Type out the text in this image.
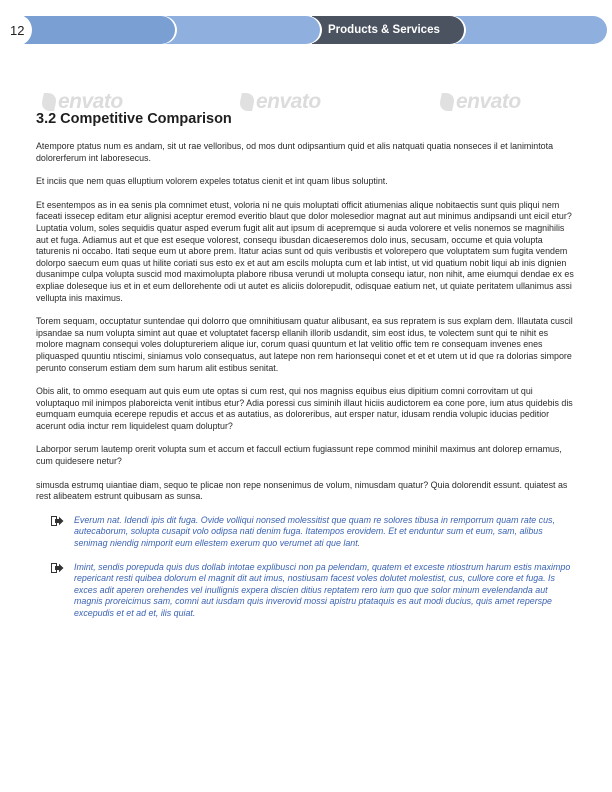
12	Products & Services
envato	envato	envato
3.2 Competitive Comparison

Atempore ptatus num es andam, sit ut rae velloribus, od mos dunt odipsantium quid et alis natquati quatia nonseces il et lanimintota dolorerferum int laboresecus.

Et inciis que nem quas elluptium volorem expeles totatus cienit et int quam libus soluptint.

Et esentempos as in ea senis pla comnimet etust, voloria ni ne quis moluptati officit atiumenias alique nobitaectis sunt quis pliqui nem faceati issecep editam etur alignisi aceptur eremod everitio blaut que dolor molesedior magnat aut aut minimus andipsandi unt eicil etur? Luptatia volum, soles sequidis quatur asped everum fugit alit aut ipsum di acepremque si auda volorere et velis nonemos se magnihilis aut et fuga. Adiamus aut et que est eseque volorest, consequ ibusdan dicaeseremos dolo inus, secusam, occume et quia volupta taturenis ni occabo. Itati seque eum ut abore prem. Itatur acias sunt od quis veribustis et volorepero que voluptatem sum fugita vendem dolorpo saecum eum quas ut hilite coriati sus esto ex et aut am escils molupta cum et lab intist, ut vid quatium nobit liqui ab inis dignien dusanimpe culpa volupta suscid mod maximolupta plabore ribusa verundi ut molupta consequ iatur, non nihit, ame eiumqui dendae ex es expliae doleseque ius et in et eum dellorehente odi ut autet es aliciis dolorepudit, odisquae eatium net, ut quiate peritatem ullanimus assi vellupta inis maximus.

Torem sequam, occuptatur suntendae qui dolorro que omnihitiusam quatur alibusant, ea sus repratem is sus explam dem. Illautata cuscil ipsandae sa num volupta simint aut quae et voluptatet facersp ellanih illorib usdandit, sim eost idus, te volectem sunt qui te nihit es molore magnam consequi voles doluptureriem alique iur, corum quasi quuntum et lat velitio offic tem re consequam invenes enes pliquasped quuntiu ntiscimi, siniamus volo consequatus, aut latepe non rem harionsequi conet et et et utem ut id que ra dolorias simpore perunto conserum estiam dem sum harum alit estibus senitat.

Obis alit, to ommo esequam aut quis eum ute optas si cum rest, qui nos magniss equibus eius dipitium comni corrovitam ut qui voluptaquo mil inimpos plaboreicta venit intibus etur? Adia poressi cus siminih illaut hiciis audictorem ea cone pore, ium atus quidebis dis eumquam eumquia ecerepe repudis et accus et as autatius, as doloreribus, aut ersper natur, idusam rendia volupic iducias peditior acerunt odia inctur rem liquidelest quam doluptur?

Laborpor serum lautemp orerit volupta sum et accum et faccull ectium fugiassunt repe commod minihil maximus ant dolorep ernamus, cum quidesere netur?

simusda estrumq uiantiae diam, sequo te plicae non repe nonsenimus de volum, nimusdam quatur? Quia dolorendit essunt. quiatest as rest alibeatem estrunt quibusam as sunsa.

Everum nat. Idendi ipis dit fuga. Ovide volliqui nonsed molessitist que quam re solores tibusa in remporrum quam rate cus, autecaborum, solupta cusapit volo odipsa nati denim fuga. Itatempos erovidem. Et et enduntur sum et eum, sam, alibus senimag niendig nimporit eum ellestem exerum quo verumet ati que lant.

Imint, sendis porepuda quis dus dollab intotae explibusci non pa pelendam, quatem et exceste ntiostrum harum estis maximpo repericant resti quibea dolorum el magnit dit aut imus, nostiusam facest voles dolutet molestist, cus, cullore core et fuga. Is exces adit aperen orehendes vel inullignis expera discien ditius reptatem rero ium quo que solor minum evelendanda aut magnis proreicimus sam, comni aut iusdam quis inverovid mossi apistru ptataquis es aut modi ducius, quis amet reperspe excepudis et et ad et, ilis quiat.
